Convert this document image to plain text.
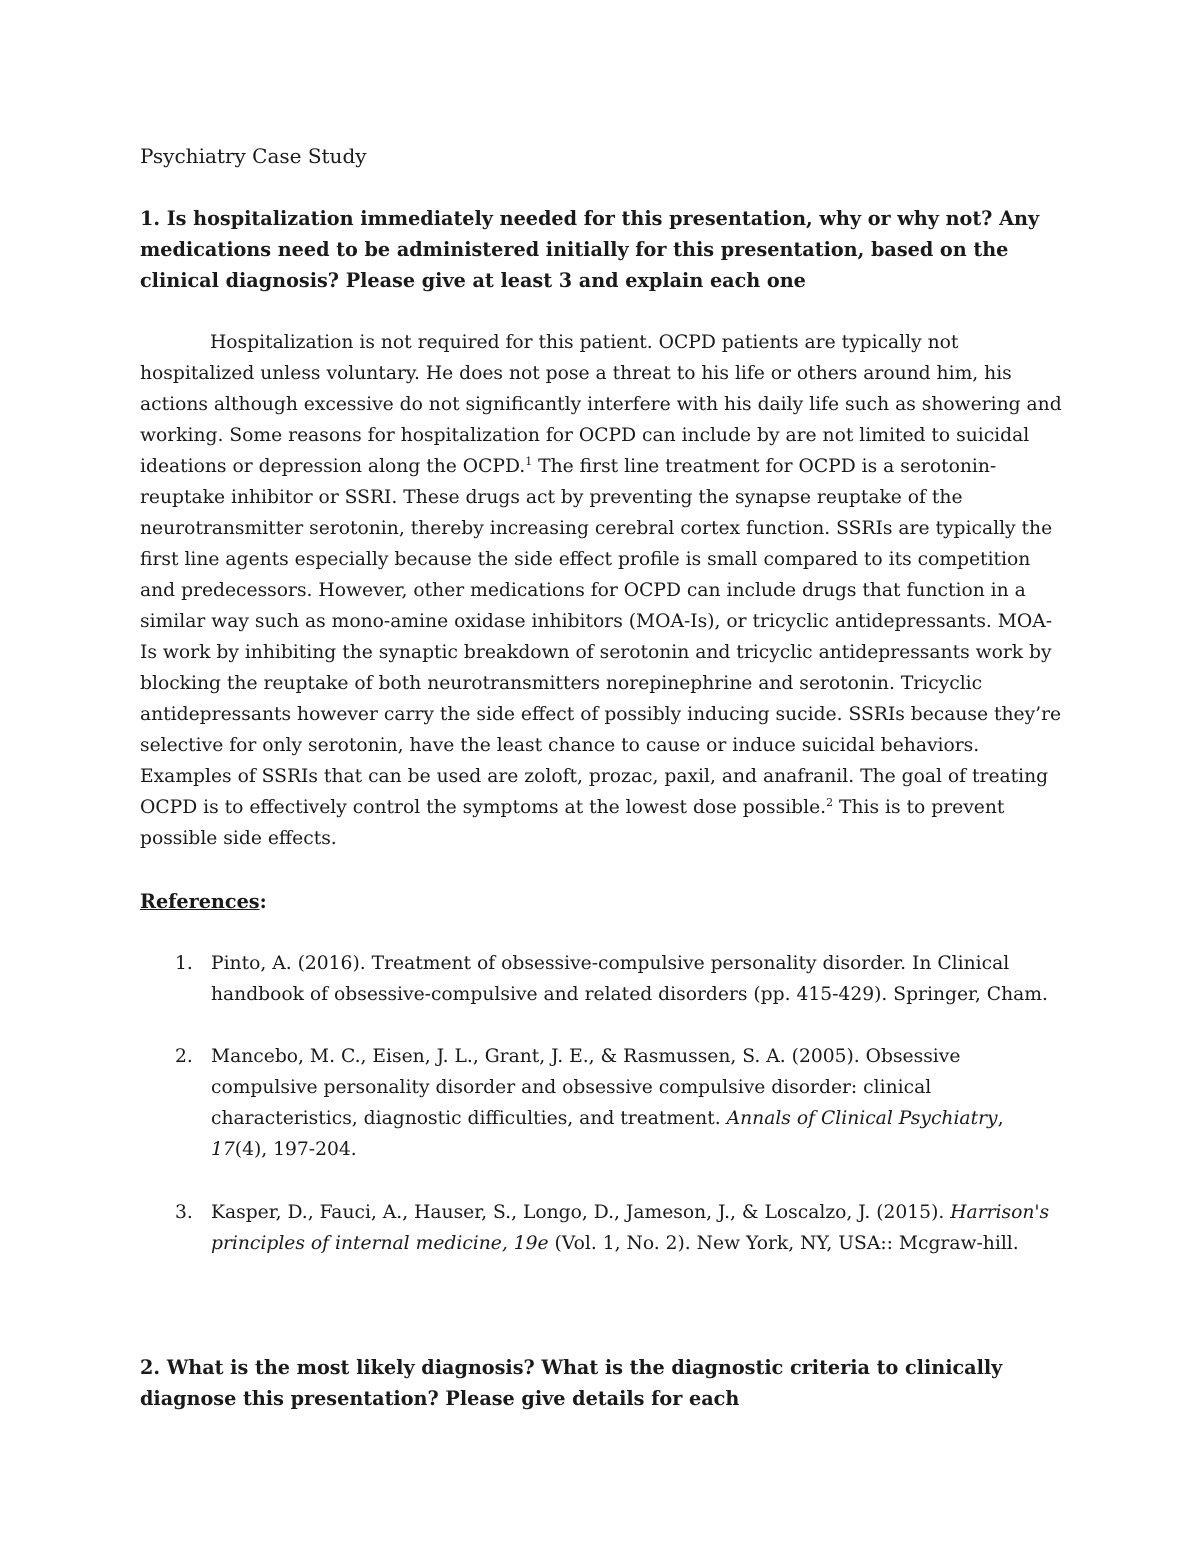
Psychiatry Case Study

1. Is hospitalization immediately needed for this presentation, why or why not? Any medications need to be administered initially for this presentation, based on the clinical diagnosis? Please give at least 3 and explain each one

Hospitalization is not required for this patient. OCPD patients are typically not hospitalized unless voluntary. He does not pose a threat to his life or others around him, his actions although excessive do not significantly interfere with his daily life such as showering and working. Some reasons for hospitalization for OCPD can include by are not limited to suicidal ideations or depression along the OCPD.$^1$ The first line treatment for OCPD is a serotonin-reuptake inhibitor or SSRI. These drugs act by preventing the synapse reuptake of the neurotransmitter serotonin, thereby increasing cerebral cortex function. SSRIs are typically the first line agents especially because the side effect profile is small compared to its competition and predecessors. However, other medications for OCPD can include drugs that function in a similar way such as mono-amine oxidase inhibitors (MOA-Is), or tricyclic antidepressants. MOA-Is work by inhibiting the synaptic breakdown of serotonin and tricyclic antidepressants work by blocking the reuptake of both neurotransmitters norepinephrine and serotonin. Tricyclic antidepressants however carry the side effect of possibly inducing sucide. SSRIs because they’re selective for only serotonin, have the least chance to cause or induce suicidal behaviors. Examples of SSRIs that can be used are zoloft, prozac, paxil, and anafranil. The goal of treating OCPD is to effectively control the symptoms at the lowest dose possible.$^2$ This is to prevent possible side effects.

References:

1. Pinto, A. (2016). Treatment of obsessive-compulsive personality disorder. In Clinical handbook of obsessive-compulsive and related disorders (pp. 415-429). Springer, Cham.
2. Mancebo, M. C., Eisen, J. L., Grant, J. E., & Rasmussen, S. A. (2005). Obsessive compulsive personality disorder and obsessive compulsive disorder: clinical characteristics, diagnostic difficulties, and treatment. Annals of Clinical Psychiatry, 17(4), 197-204.
3. Kasper, D., Fauci, A., Hauser, S., Longo, D., Jameson, J., & Loscalzo, J. (2015). Harrison's principles of internal medicine, 19e (Vol. 1, No. 2). New York, NY, USA:: Mcgraw-hill.

2. What is the most likely diagnosis? What is the diagnostic criteria to clinically diagnose this presentation? Please give details for each
